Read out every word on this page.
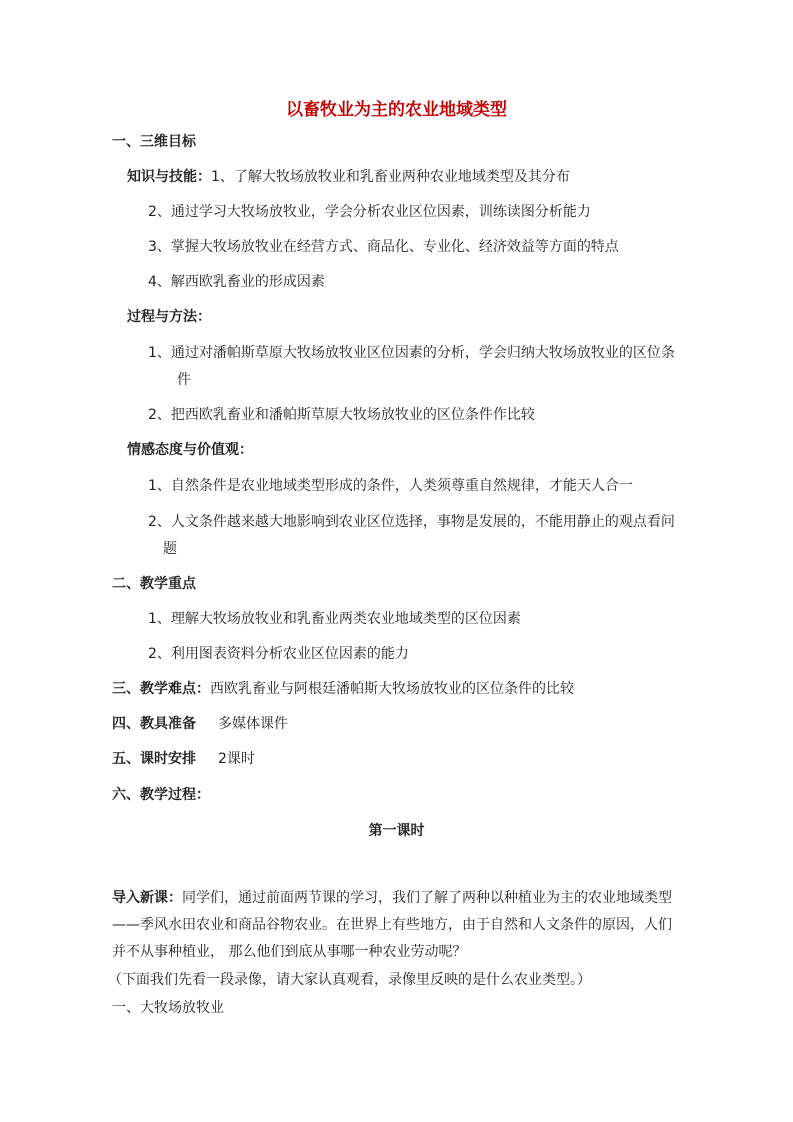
以畜牧业为主的农业地域类型
一、三维目标
知识与技能：1、了解大牧场放牧业和乳畜业两种农业地域类型及其分布
2、通过学习大牧场放牧业，学会分析农业区位因素，训练读图分析能力
3、掌握大牧场放牧业在经营方式、商品化、专业化、经济效益等方面的特点
4、解西欧乳畜业的形成因素
过程与方法：
1、通过对潘帕斯草原大牧场放牧业区位因素的分析，学会归纳大牧场放牧业的区位条
件
2、把西欧乳畜业和潘帕斯草原大牧场放牧业的区位条件作比较
情感态度与价值观：
1、自然条件是农业地域类型形成的条件，人类须尊重自然规律，才能天人合一
2、人文条件越来越大地影响到农业区位选择，事物是发展的，不能用静止的观点看问
题
二、教学重点
1、理解大牧场放牧业和乳畜业两类农业地域类型的区位因素
2、利用图表资料分析农业区位因素的能力
三、教学难点：西欧乳畜业与阿根廷潘帕斯大牧场放牧业的区位条件的比较
四、教具准备 多媒体课件
五、课时安排 2课时
六、教学过程：
第一课时
导入新课：同学们，通过前面两节课的学习，我们了解了两种以种植业为主的农业地域类型
——季风水田农业和商品谷物农业。在世界上有些地方，由于自然和人文条件的原因，人们
并不从事种植业， 那么他们到底从事哪一种农业劳动呢？
（下面我们先看一段录像，请大家认真观看，录像里反映的是什么农业类型。）
一、大牧场放牧业
